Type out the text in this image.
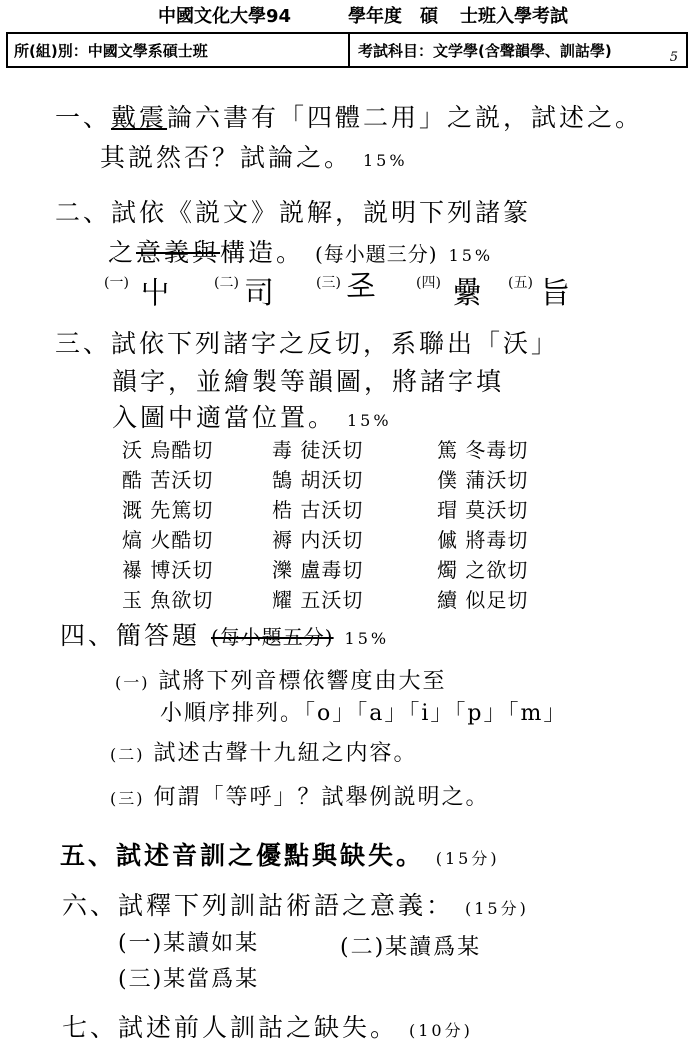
中國文化大學94	學年度 碩 士班入學考試
所(組)別：中國文學系碩士班	考試科目：文学學(含聲韻學、訓詁學)	5
一、戴震論六書有「四體二用」之説，試述之。
其説然否？試論之。 15%
二、試依《説文》説解，説明下列諸篆
之意義與構造。 (每小題三分) 15%
(一) 屮	(二) 司	(三) 𢀖	(四) 纍 (五) 旨
三、試依下列諸字之反切，系聯出「沃」
韻字，並繪製等韻圖，將諸字填
入圖中適當位置。 15%
沃 烏酷切	毒 徒沃切	篤 冬毒切
酷 苦沃切	鵠 胡沃切	僕 蒲沃切
溉 先篤切	梏 古沃切	瑁 莫沃切
熇 火酷切	褥 内沃切	傶 將毒切
襮 博沃切	濼 盧毒切	燭 之欲切
玉 魚欲切	耀 五沃切	續 似足切
四、簡答題 (每小題五分) 15%
(一) 試將下列音標依響度由大至
小順序排列。「o」「a」「i」「p」「m」
(二) 試述古聲十九紐之内容。
(三) 何謂「等呼」？試舉例説明之。
五、試述音訓之優點與缺失。 (15分)
六、試釋下列訓詁術語之意義： (15分)
(一)某讀如某	(二)某讀爲某
(三)某當爲某
七、試述前人訓詁之缺失。 (10分)
